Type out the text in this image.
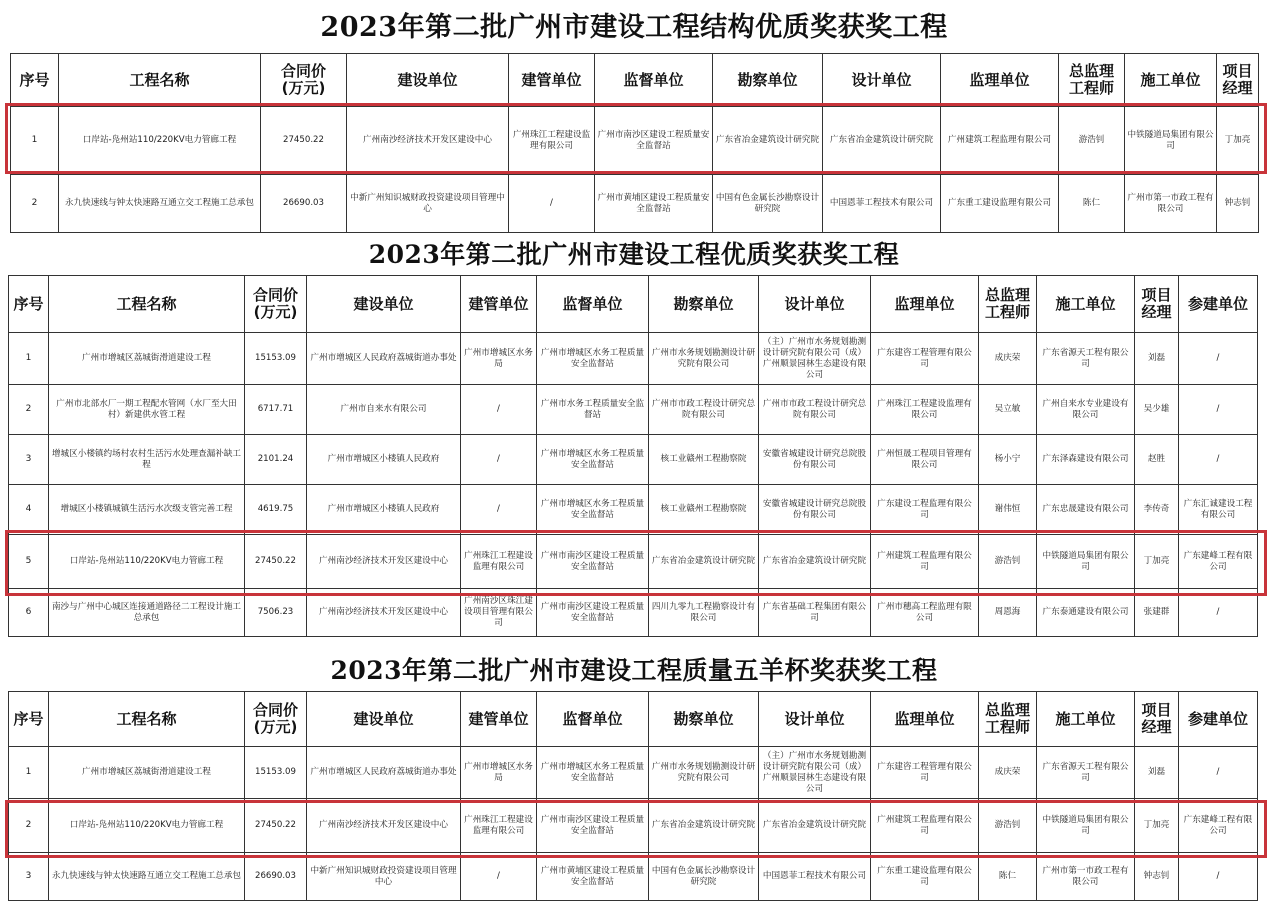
2023年第二批广州市建设工程结构优质奖获奖工程
序号	工程名称	合同价
(万元)	建设单位	建管单位	监督单位	勘察单位	设计单位	监理单位	总监理
工程师	施工单位	项目
经理
1	口岸站-凫州站110/220KV电力管廊工程	27450.22	广州南沙经济技术开发区建设中心	广州珠江工程建设监理有限公司	广州市南沙区建设工程质量安全监督站	广东省冶金建筑设计研究院	广东省冶金建筑设计研究院	广州建筑工程监理有限公司	游浩钊	中铁隧道局集团有限公司	丁加亮
2	永九快速线与钟太快速路互通立交工程施工总承包	26690.03	中新广州知识城财政投资建设项目管理中心	/	广州市黄埔区建设工程质量安全监督站	中国有色金属长沙勘察设计研究院	中国恩菲工程技术有限公司	广东重工建设监理有限公司	陈仁	广州市第一市政工程有限公司	钟志钊
2023年第二批广州市建设工程优质奖获奖工程
序号	工程名称	合同价
(万元)	建设单位	建管单位	监督单位	勘察单位	设计单位	监理单位	总监理
工程师	施工单位	项目
经理	参建单位
1	广州市增城区荔城街滑道建设工程	15153.09	广州市增城区人民政府荔城街道办事处	广州市增城区水务局	广州市增城区水务工程质量安全监督站	广州市水务规划勘测设计研究院有限公司	（主）广州市水务规划勘测设计研究院有限公司（成）广州顺景园林生态建设有限公司	广东建咨工程管理有限公司	成庆荣	广东省源天工程有限公司	刘磊	/
2	广州市北部水厂一期工程配水管网（水厂至大田村）新建供水管工程	6717.71	广州市自来水有限公司	/	广州市水务工程质量安全监督站	广州市市政工程设计研究总院有限公司	广州市市政工程设计研究总院有限公司	广州珠江工程建设监理有限公司	吴立敏	广州自来水专业建设有限公司	吴少雄	/
3	增城区小楼镇约场村农村生活污水处理查漏补缺工程	2101.24	广州市增城区小楼镇人民政府	/	广州市增城区水务工程质量安全监督站	核工业赣州工程勘察院	安徽省城建设计研究总院股份有限公司	广州恒晟工程项目管理有限公司	杨小宁	广东泽森建设有限公司	赵胜	/
4	增城区小楼镇城镇生活污水次级支管完善工程	4619.75	广州市增城区小楼镇人民政府	/	广州市增城区水务工程质量安全监督站	核工业赣州工程勘察院	安徽省城建设计研究总院股份有限公司	广东建设工程监理有限公司	谢伟恒	广东忠晟建设有限公司	李传奇	广东汇诚建设工程有限公司
5	口岸站-凫州站110/220KV电力管廊工程	27450.22	广州南沙经济技术开发区建设中心	广州珠江工程建设监理有限公司	广州市南沙区建设工程质量安全监督站	广东省冶金建筑设计研究院	广东省冶金建筑设计研究院	广州建筑工程监理有限公司	游浩钊	中铁隧道局集团有限公司	丁加亮	广东建峰工程有限公司
6	南沙与广州中心城区连接通道路径二工程设计施工总承包	7506.23	广州南沙经济技术开发区建设中心	广州南沙区珠江建设项目管理有限公司	广州市南沙区建设工程质量安全监督站	四川九零九工程勘察设计有限公司	广东省基础工程集团有限公司	广州市穗高工程监理有限公司	周恩海	广东泰通建设有限公司	张建群	/
2023年第二批广州市建设工程质量五羊杯奖获奖工程
序号	工程名称	合同价
(万元)	建设单位	建管单位	监督单位	勘察单位	设计单位	监理单位	总监理
工程师	施工单位	项目
经理	参建单位
1	广州市增城区荔城街滑道建设工程	15153.09	广州市增城区人民政府荔城街道办事处	广州市增城区水务局	广州市增城区水务工程质量安全监督站	广州市水务规划勘测设计研究院有限公司	（主）广州市水务规划勘测设计研究院有限公司（成）广州顺景园林生态建设有限公司	广东建咨工程管理有限公司	成庆荣	广东省源天工程有限公司	刘磊	/
2	口岸站-凫州站110/220KV电力管廊工程	27450.22	广州南沙经济技术开发区建设中心	广州珠江工程建设监理有限公司	广州市南沙区建设工程质量安全监督站	广东省冶金建筑设计研究院	广东省冶金建筑设计研究院	广州建筑工程监理有限公司	游浩钊	中铁隧道局集团有限公司	丁加亮	广东建峰工程有限公司
3	永九快速线与钟太快速路互通立交工程施工总承包	26690.03	中新广州知识城财政投资建设项目管理中心	/	广州市黄埔区建设工程质量安全监督站	中国有色金属长沙勘察设计研究院	中国恩菲工程技术有限公司	广东重工建设监理有限公司	陈仁	广州市第一市政工程有限公司	钟志钊	/
